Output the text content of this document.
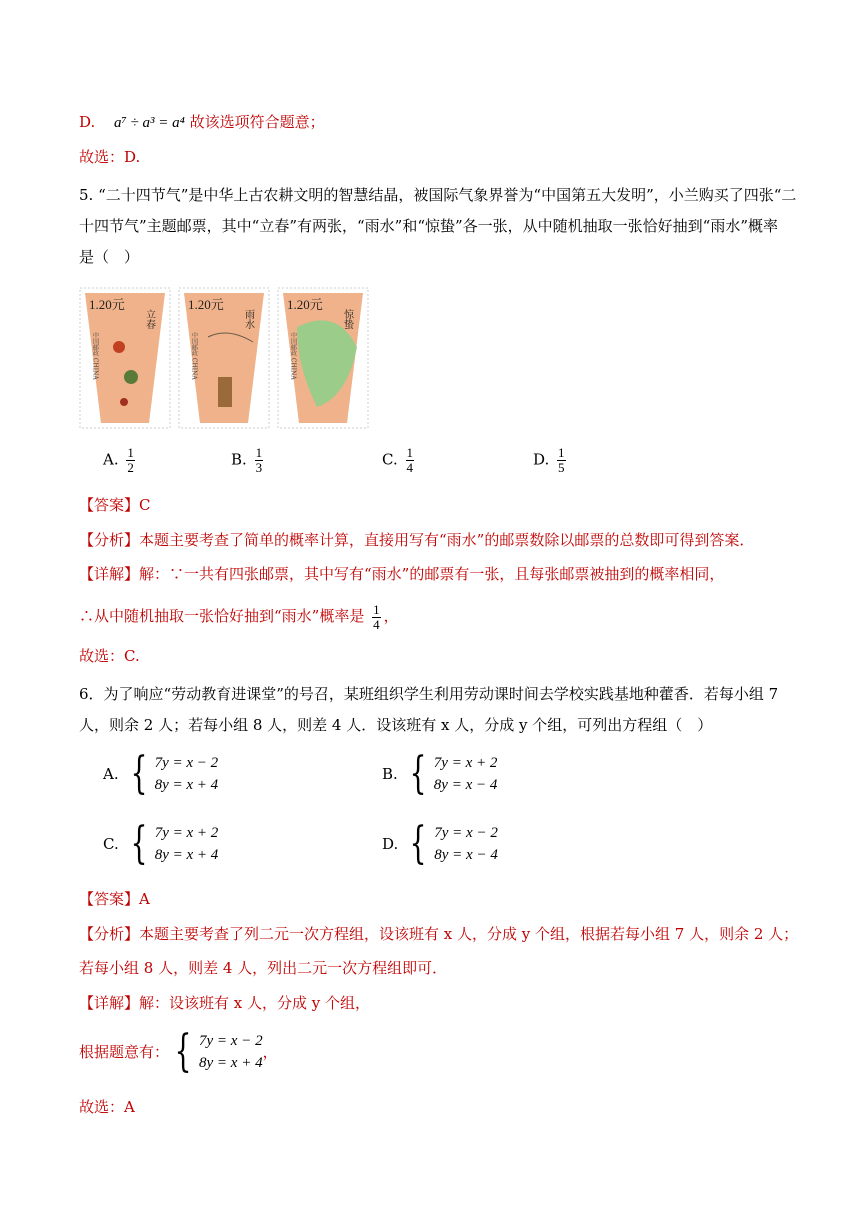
D. a⁷ ÷ a³ = a⁴ 故该选项符合题意；
故选：D.
5. “二十四节气”是中华上古农耕文明的智慧结晶，被国际气象界誉为“中国第五大发明”，小兰购买了四张“二
十四节气”主题邮票，其中“立春”有两张，“雨水”和“惊蛰”各一张，从中随机抽取一张恰好抽到“雨水”概率
是（　）
1.20元
立春
中国邮政 CHINA
1.20元
雨水
中国邮政 CHINA
1.20元
惊蛰
中国邮政 CHINA
A. $\frac{1}{2}$	B. $\frac{1}{3}$	C. $\frac{1}{4}$	D. $\frac{1}{5}$
【答案】C
【分析】本题主要考查了简单的概率计算，直接用写有“雨水”的邮票数除以邮票的总数即可得到答案．
【详解】解：∵一共有四张邮票，其中写有“雨水”的邮票有一张，且每张邮票被抽到的概率相同，
∴从中随机抽取一张恰好抽到“雨水”概率是 $\frac{1}{4}$ ，
故选：C.
6．为了响应“劳动教育进课堂”的号召，某班组织学生利用劳动课时间去学校实践基地种藿香．若每小组 7
人，则余 2 人；若每小组 8 人，则差 4 人．设该班有 x 人，分成 y 个组，可列出方程组（　）
A. { 7y = x − 2
8y = x + 4
B. { 7y = x + 2
8y = x − 4
C. { 7y = x + 2
8y = x + 4
D. { 7y = x − 2
8y = x − 4
【答案】A
【分析】本题主要考查了列二元一次方程组，设该班有 x 人，分成 y 个组，根据若每小组 7 人，则余 2 人；
若每小组 8 人，则差 4 人，列出二元一次方程组即可．
【详解】解：设该班有 x 人，分成 y 个组，
根据题意有： { 7y = x − 2
8y = x + 4
，
故选：A
